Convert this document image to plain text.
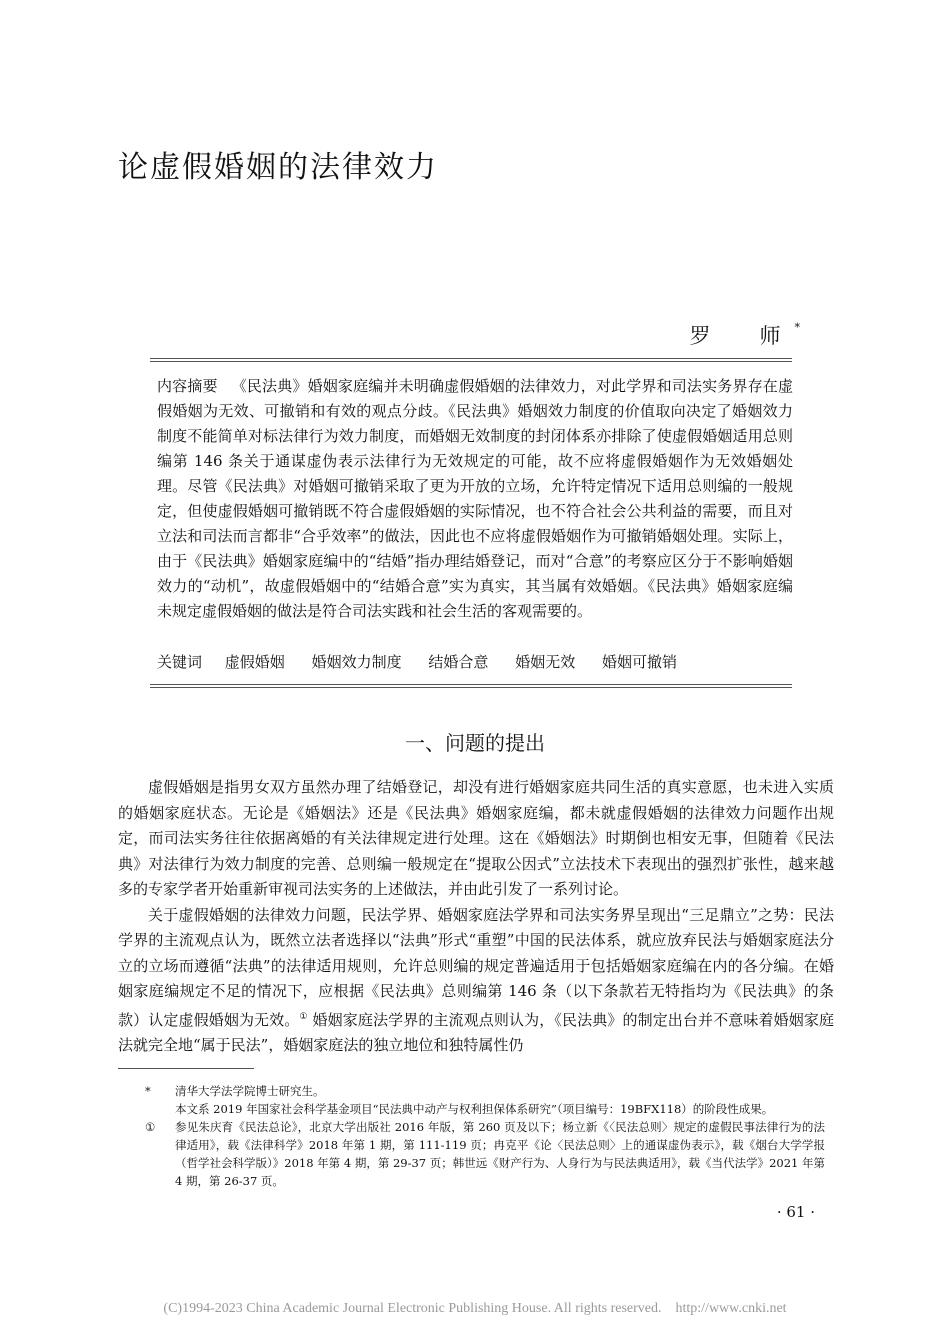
论虚假婚姻的法律效力
罗　师*

内容摘要 《民法典》婚姻家庭编并未明确虚假婚姻的法律效力，对此学界和司法实务界存在虚假婚姻为无效、可撤销和有效的观点分歧。《民法典》婚姻效力制度的价值取向决定了婚姻效力制度不能简单对标法律行为效力制度，而婚姻无效制度的封闭体系亦排除了使虚假婚姻适用总则编第 146 条关于通谋虚伪表示法律行为无效规定的可能，故不应将虚假婚姻作为无效婚姻处理。尽管《民法典》对婚姻可撤销采取了更为开放的立场，允许特定情况下适用总则编的一般规定，但使虚假婚姻可撤销既不符合虚假婚姻的实际情况，也不符合社会公共利益的需要，而且对立法和司法而言都非“合乎效率”的做法，因此也不应将虚假婚姻作为可撤销婚姻处理。实际上，由于《民法典》婚姻家庭编中的“结婚”指办理结婚登记，而对“合意”的考察应区分于不影响婚姻效力的“动机”，故虚假婚姻中的“结婚合意”实为真实，其当属有效婚姻。《民法典》婚姻家庭编未规定虚假婚姻的做法是符合司法实践和社会生活的客观需要的。

关键词 虚假婚姻 婚姻效力制度 结婚合意 婚姻无效 婚姻可撤销
一、问题的提出

虚假婚姻是指男女双方虽然办理了结婚登记，却没有进行婚姻家庭共同生活的真实意愿，也未进入实质的婚姻家庭状态。无论是《婚姻法》还是《民法典》婚姻家庭编，都未就虚假婚姻的法律效力问题作出规定，而司法实务往往依据离婚的有关法律规定进行处理。这在《婚姻法》时期倒也相安无事，但随着《民法典》对法律行为效力制度的完善、总则编一般规定在“提取公因式”立法技术下表现出的强烈扩张性，越来越多的专家学者开始重新审视司法实务的上述做法，并由此引发了一系列讨论。

关于虚假婚姻的法律效力问题，民法学界、婚姻家庭法学界和司法实务界呈现出“三足鼎立”之势：民法学界的主流观点认为，既然立法者选择以“法典”形式“重塑”中国的民法体系，就应放弃民法与婚姻家庭法分立的立场而遵循“法典”的法律适用规则，允许总则编的规定普遍适用于包括婚姻家庭编在内的各分编。在婚姻家庭编规定不足的情况下，应根据《民法典》总则编第 146 条（以下条款若无特指均为《民法典》的条款）认定虚假婚姻为无效。① 婚姻家庭法学界的主流观点则认为，《民法典》的制定出台并不意味着婚姻家庭法就完全地“属于民法”，婚姻家庭法的独立地位和独特属性仍

*	清华大学法学院博士研究生。
本文系 2019 年国家社会科学基金项目“民法典中动产与权利担保体系研究”（项目编号：19BFX118）的阶段性成果。
①	参见朱庆育《民法总论》，北京大学出版社 2016 年版，第 260 页及以下；杨立新《〈民法总则〉规定的虚假民事法律行为的法律适用》，载《法律科学》2018 年第 1 期，第 111-119 页；冉克平《论〈民法总则〉上的通谋虚伪表示》，载《烟台大学学报（哲学社会科学版）》2018 年第 4 期，第 29-37 页；韩世远《财产行为、人身行为与民法典适用》，载《当代法学》2021 年第 4 期，第 26-37 页。
· 61 ·
(C)1994-2023 China Academic Journal Electronic Publishing House. All rights reserved.　http://www.cnki.net
